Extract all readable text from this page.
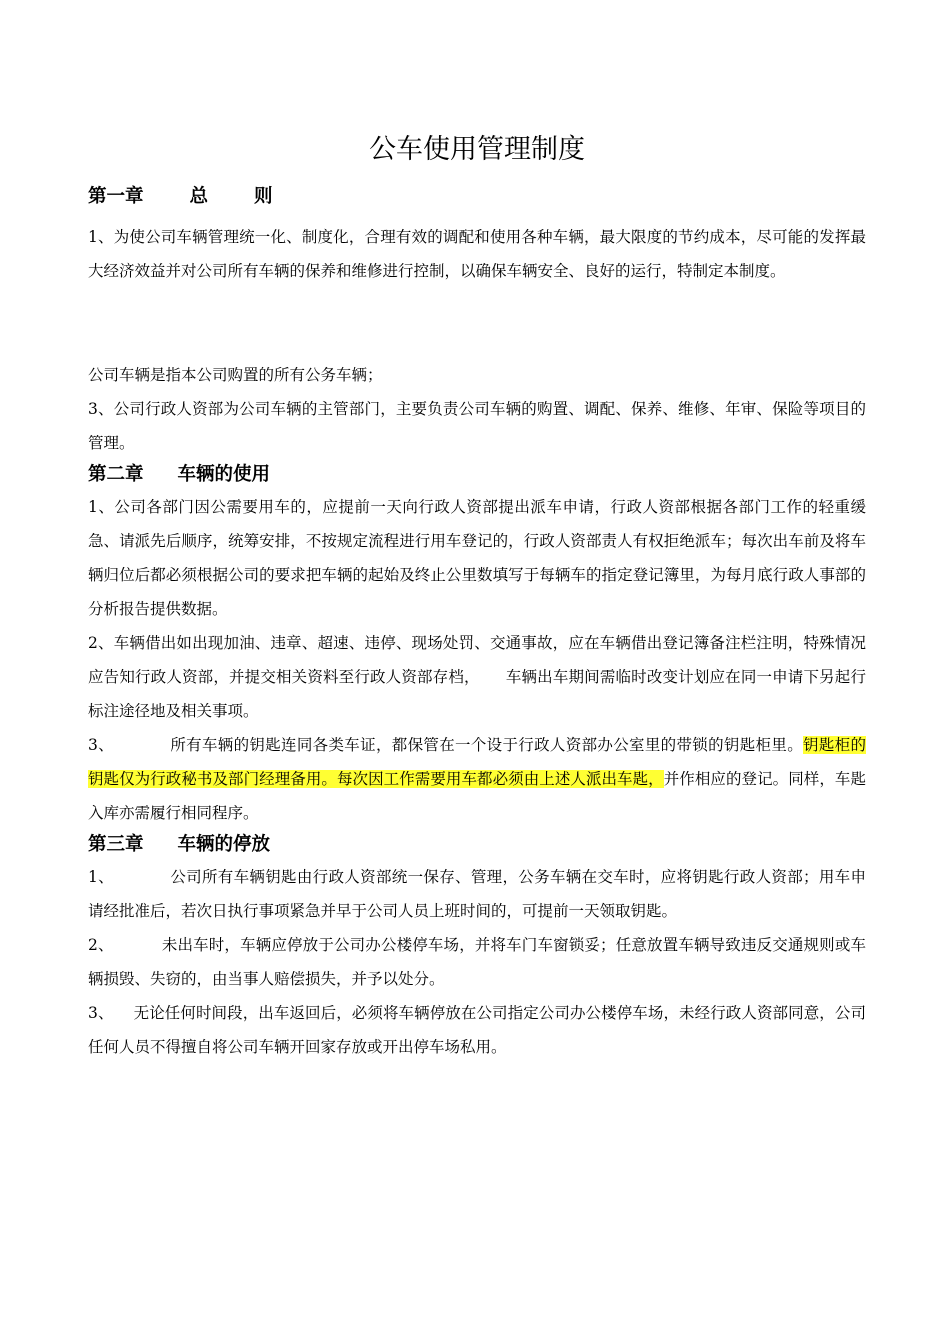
公车使用管理制度
第一章 总 则

1、为使公司车辆管理统一化、制度化，合理有效的调配和使用各种车辆，最大限度的节约成本，尽可能的发挥最大经济效益并对公司所有车辆的保养和维修进行控制，以确保车辆安全、良好的运行，特制定本制度。

公司车辆是指本公司购置的所有公务车辆；

3、公司行政人资部为公司车辆的主管部门，主要负责公司车辆的购置、调配、保养、维修、年审、保险等项目的管理。

第二章 车辆的使用

1、公司各部门因公需要用车的，应提前一天向行政人资部提出派车申请，行政人资部根据各部门工作的轻重缓急、请派先后顺序，统筹安排，不按规定流程进行用车登记的，行政人资部责人有权拒绝派车；每次出车前及将车辆归位后都必须根据公司的要求把车辆的起始及终止公里数填写于每辆车的指定登记簿里，为每月底行政人事部的分析报告提供数据。

2、车辆借出如出现加油、违章、超速、违停、现场处罚、交通事故，应在车辆借出登记簿备注栏注明，特殊情况应告知行政人资部，并提交相关资料至行政人资部存档， 车辆出车期间需临时改变计划应在同一申请下另起行标注途径地及相关事项。

3、	所有车辆的钥匙连同各类车证，都保管在一个设于行政人资部办公室里的带锁的钥匙柜里。钥匙柜的钥匙仅为行政秘书及部门经理备用。每次因工作需要用车都必须由上述人派出车匙，并作相应的登记。同样，车匙入库亦需履行相同程序。

第三章 车辆的停放

1、	公司所有车辆钥匙由行政人资部统一保存、管理，公务车辆在交车时，应将钥匙行政人资部；用车申请经批准后，若次日执行事项紧急并早于公司人员上班时间的，可提前一天领取钥匙。

2、	未出车时，车辆应停放于公司办公楼停车场，并将车门车窗锁妥；任意放置车辆导致违反交通规则或车辆损毁、失窃的，由当事人赔偿损失，并予以处分。

3、 无论任何时间段，出车返回后，必须将车辆停放在公司指定公司办公楼停车场，未经行政人资部同意，公司任何人员不得擅自将公司车辆开回家存放或开出停车场私用。
